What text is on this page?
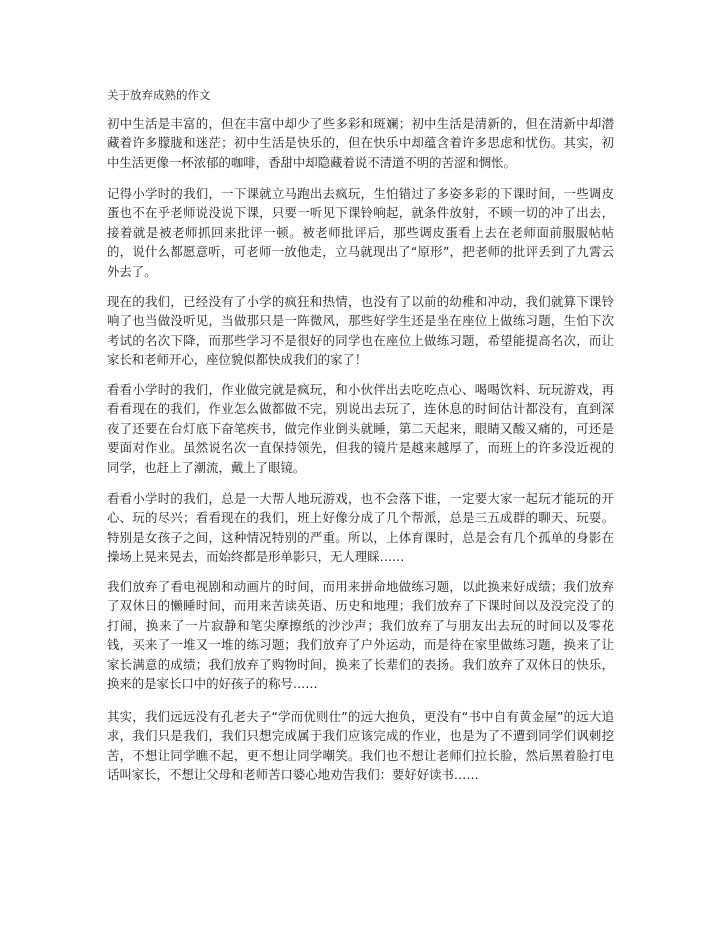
关于放弃成熟的作文

初中生活是丰富的，但在丰富中却少了些多彩和斑斓；初中生活是清新的，但在清新中却潜藏着许多朦胧和迷茫；初中生活是快乐的，但在快乐中却蕴含着许多思虑和忧伤。其实，初中生活更像一杯浓郁的咖啡，香甜中却隐藏着说不清道不明的苦涩和惆怅。

记得小学时的我们，一下课就立马跑出去疯玩，生怕错过了多姿多彩的下课时间，一些调皮蛋也不在乎老师说没说下课，只要一听见下课铃响起，就条件放射，不顾一切的冲了出去，接着就是被老师抓回来批评一顿。被老师批评后，那些调皮蛋看上去在老师面前服服帖帖的，说什么都愿意听，可老师一放他走，立马就现出了“原形”，把老师的批评丢到了九霄云外去了。

现在的我们，已经没有了小学的疯狂和热情，也没有了以前的幼稚和冲动，我们就算下课铃响了也当做没听见，当做那只是一阵微风，那些好学生还是坐在座位上做练习题，生怕下次考试的名次下降，而那些学习不是很好的同学也在座位上做练习题，希望能提高名次，而让家长和老师开心，座位貌似都快成我们的家了！

看看小学时的我们，作业做完就是疯玩，和小伙伴出去吃吃点心、喝喝饮料、玩玩游戏，再看看现在的我们，作业怎么做都做不完，别说出去玩了，连休息的时间估计都没有，直到深夜了还要在台灯底下奋笔疾书，做完作业倒头就睡，第二天起来，眼睛又酸又痛的，可还是要面对作业。虽然说名次一直保持领先，但我的镜片是越来越厚了，而班上的许多没近视的同学，也赶上了潮流，戴上了眼镜。

看看小学时的我们，总是一大帮人地玩游戏，也不会落下谁，一定要大家一起玩才能玩的开心、玩的尽兴；看看现在的我们，班上好像分成了几个帮派，总是三五成群的聊天、玩耍。特别是女孩子之间，这种情况特别的严重。所以，上体育课时，总是会有几个孤单的身影在操场上晃来晃去，而始终都是形单影只，无人理睬……

我们放弃了看电视剧和动画片的时间，而用来拼命地做练习题，以此换来好成绩；我们放弃了双休日的懒睡时间，而用来苦读英语、历史和地理；我们放弃了下课时间以及没完没了的打闹，换来了一片寂静和笔尖摩擦纸的沙沙声；我们放弃了与朋友出去玩的时间以及零花钱，买来了一堆又一堆的练习题；我们放弃了户外运动，而是待在家里做练习题，换来了让家长满意的成绩；我们放弃了购物时间，换来了长辈们的表扬。我们放弃了双休日的快乐，换来的是家长口中的好孩子的称号……

其实，我们远远没有孔老夫子“学而优则仕”的远大抱负，更没有“书中自有黄金屋”的远大追求，我们只是我们，我们只想完成属于我们应该完成的作业，也是为了不遭到同学们讽刺挖苦，不想让同学瞧不起，更不想让同学嘲笑。我们也不想让老师们拉长脸，然后黑着脸打电话叫家长，不想让父母和老师苦口婆心地劝告我们：要好好读书……
